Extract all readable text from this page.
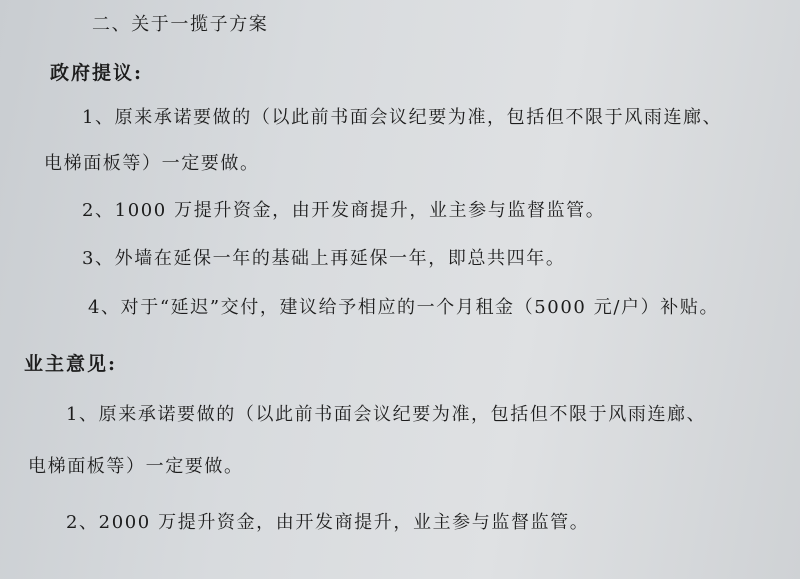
二、关于一揽子方案
政府提议:
1、原来承诺要做的（以此前书面会议纪要为准，包括但不限于风雨连廊、
电梯面板等）一定要做。
2、1000 万提升资金，由开发商提升，业主参与监督监管。
3、外墙在延保一年的基础上再延保一年，即总共四年。
4、对于“延迟”交付，建议给予相应的一个月租金（5000 元/户）补贴。
业主意见:
1、原来承诺要做的（以此前书面会议纪要为准，包括但不限于风雨连廊、
电梯面板等）一定要做。
2、2000 万提升资金，由开发商提升，业主参与监督监管。
